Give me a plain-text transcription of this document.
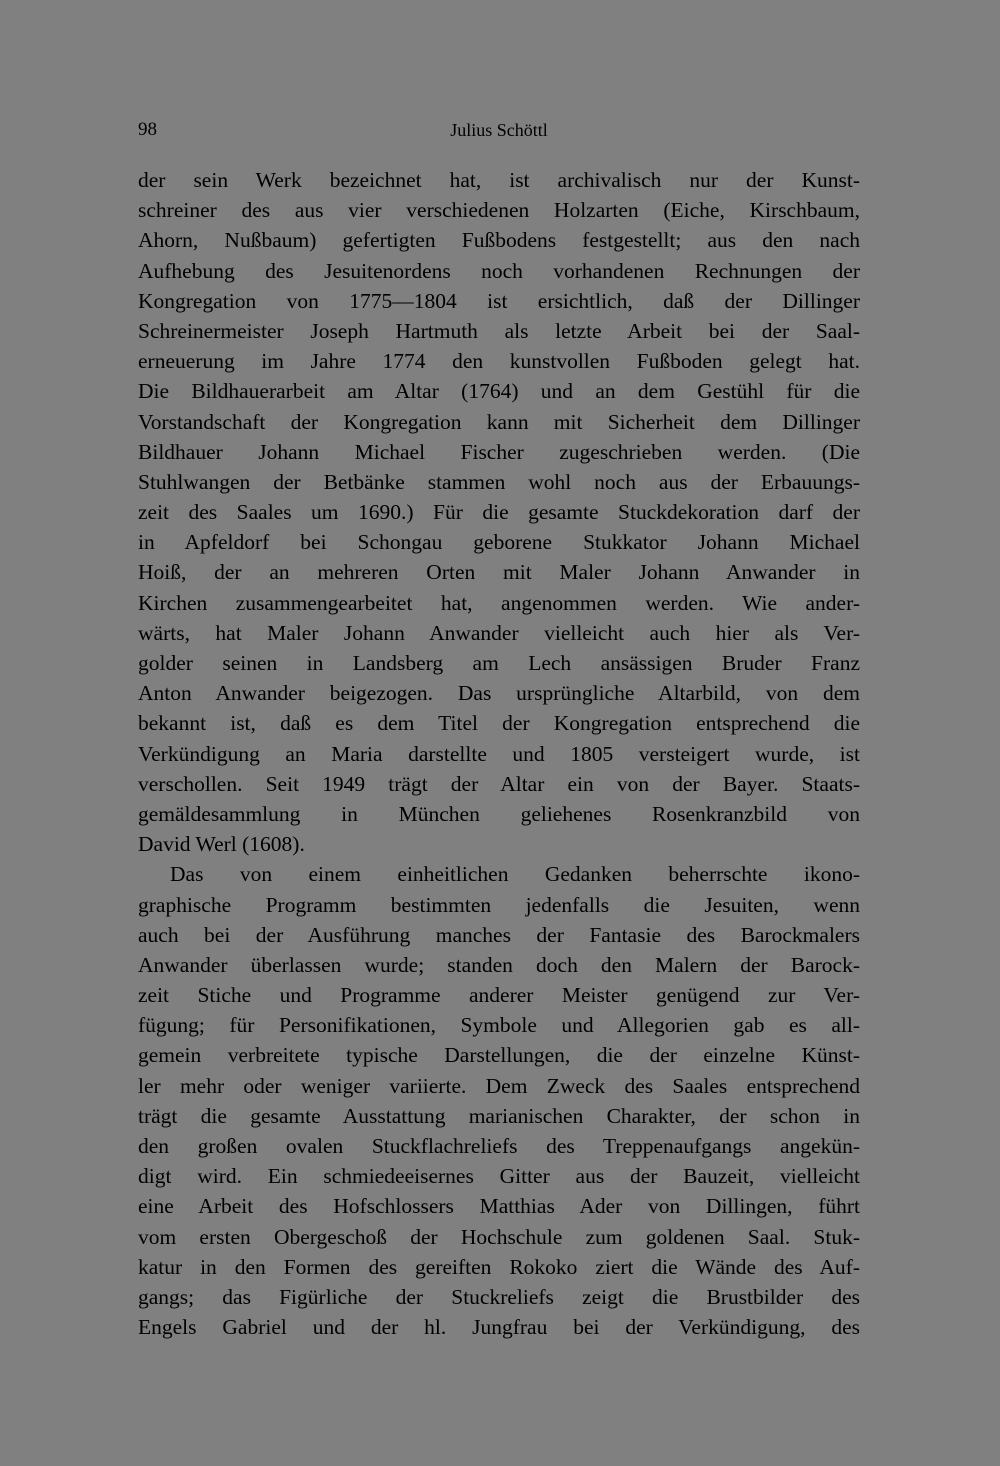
98	Julius Schöttl
der sein Werk bezeichnet hat, ist archivalisch nur der Kunst-
schreiner des aus vier verschiedenen Holzarten (Eiche, Kirschbaum,
Ahorn, Nußbaum) gefertigten Fußbodens festgestellt; aus den nach
Aufhebung des Jesuitenordens noch vorhandenen Rechnungen der
Kongregation von 1775—1804 ist ersichtlich, daß der Dillinger
Schreinermeister Joseph Hartmuth als letzte Arbeit bei der Saal-
erneuerung im Jahre 1774 den kunstvollen Fußboden gelegt hat.
Die Bildhauerarbeit am Altar (1764) und an dem Gestühl für die
Vorstandschaft der Kongregation kann mit Sicherheit dem Dillinger
Bildhauer Johann Michael Fischer zugeschrieben werden. (Die
Stuhlwangen der Betbänke stammen wohl noch aus der Erbauungs-
zeit des Saales um 1690.) Für die gesamte Stuckdekoration darf der
in Apfeldorf bei Schongau geborene Stukkator Johann Michael
Hoiß, der an mehreren Orten mit Maler Johann Anwander in
Kirchen zusammengearbeitet hat, angenommen werden. Wie ander-
wärts, hat Maler Johann Anwander vielleicht auch hier als Ver-
golder seinen in Landsberg am Lech ansässigen Bruder Franz
Anton Anwander beigezogen. Das ursprüngliche Altarbild, von dem
bekannt ist, daß es dem Titel der Kongregation entsprechend die
Verkündigung an Maria darstellte und 1805 versteigert wurde, ist
verschollen. Seit 1949 trägt der Altar ein von der Bayer. Staats-
gemäldesammlung in München geliehenes Rosenkranzbild von
David Werl (1608).
Das von einem einheitlichen Gedanken beherrschte ikono-
graphische Programm bestimmten jedenfalls die Jesuiten, wenn
auch bei der Ausführung manches der Fantasie des Barockmalers
Anwander überlassen wurde; standen doch den Malern der Barock-
zeit Stiche und Programme anderer Meister genügend zur Ver-
fügung; für Personifikationen, Symbole und Allegorien gab es all-
gemein verbreitete typische Darstellungen, die der einzelne Künst-
ler mehr oder weniger variierte. Dem Zweck des Saales entsprechend
trägt die gesamte Ausstattung marianischen Charakter, der schon in
den großen ovalen Stuckflachreliefs des Treppenaufgangs angekün-
digt wird. Ein schmiedeeisernes Gitter aus der Bauzeit, vielleicht
eine Arbeit des Hofschlossers Matthias Ader von Dillingen, führt
vom ersten Obergeschoß der Hochschule zum goldenen Saal. Stuk-
katur in den Formen des gereiften Rokoko ziert die Wände des Auf-
gangs; das Figürliche der Stuckreliefs zeigt die Brustbilder des
Engels Gabriel und der hl. Jungfrau bei der Verkündigung, des
